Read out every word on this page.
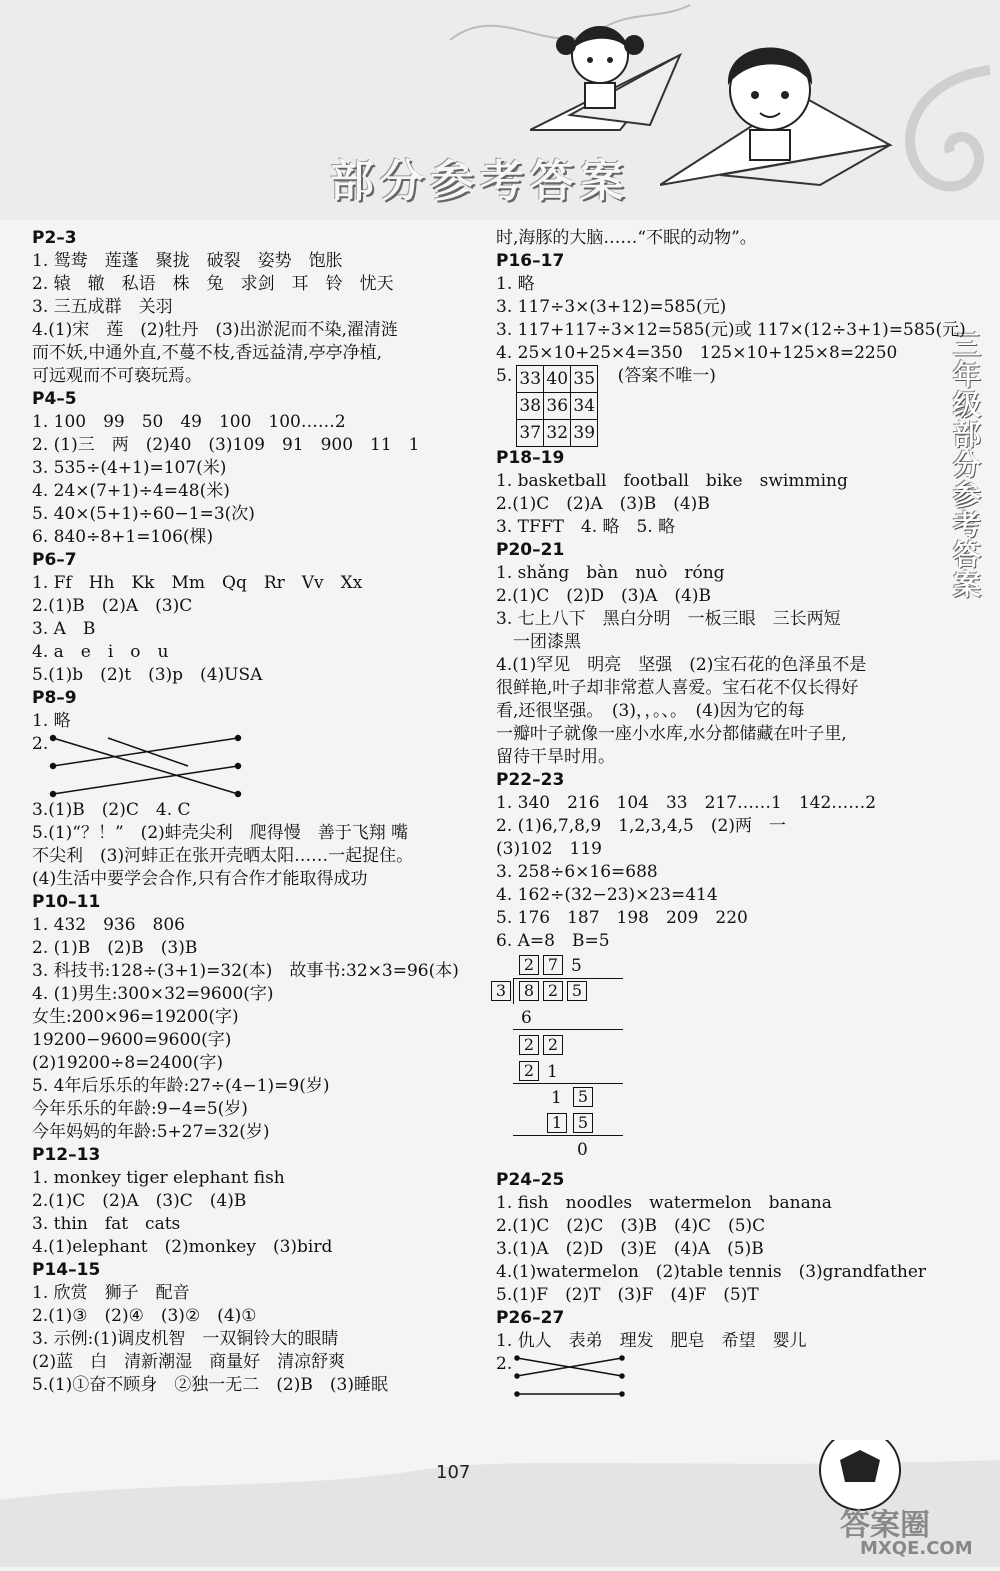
部分参考答案
三年级部分参考答案
P2–3
1. 鸳鸯　莲蓬　聚拢　破裂　姿势　饱胀
2. 辕　辙　私语　株　兔　求剑　耳　铃　忧天
3. 三五成群　关羽
4.(1)宋　莲　(2)牡丹　(3)出淤泥而不染,濯清涟
而不妖,中通外直,不蔓不枝,香远益清,亭亭净植,
可远观而不可亵玩焉。
P4–5
1. 100　99　50　49　100　100……2
2. (1)三　两　(2)40　(3)109　91　900　11　1
3. 535÷(4+1)=107(米)
4. 24×(7+1)÷4=48(米)
5. 40×(5+1)÷60−1=3(次)
6. 840÷8+1=106(棵)
P6–7
1. Ff　Hh　Kk　Mm　Qq　Rr　Vv　Xx
2.(1)B　(2)A　(3)C
3. A　B
4. a　e　i　o　u
5.(1)b　(2)t　(3)p　(4)USA
P8–9
1. 略
2.
3.(1)B　(2)C　4. C
5.(1)“？！”　(2)蚌壳尖利　爬得慢　善于飞翔 嘴
不尖利　(3)河蚌正在张开壳晒太阳……一起捉住。
(4)生活中要学会合作,只有合作才能取得成功
P10–11
1. 432　936　806
2. (1)B　(2)B　(3)B
3. 科技书:128÷(3+1)=32(本)　故事书:32×3=96(本)
4. (1)男生:300×32=9600(字)
女生:200×96=19200(字)
19200−9600=9600(字)
(2)19200÷8=2400(字)
5. 4年后乐乐的年龄:27÷(4−1)=9(岁)
今年乐乐的年龄:9−4=5(岁)
今年妈妈的年龄:5+27=32(岁)
P12–13
1. monkey tiger elephant fish
2.(1)C　(2)A　(3)C　(4)B
3. thin　fat　cats
4.(1)elephant　(2)monkey　(3)bird
P14–15
1. 欣赏　狮子　配音
2.(1)③　(2)④　(3)②　(4)①
3. 示例:(1)调皮机智　一双铜铃大的眼睛
(2)蓝　白　清新潮湿　商量好　清凉舒爽
5.(1)①奋不顾身　②独一无二　(2)B　(3)睡眠
时,海豚的大脑……“不眠的动物”。
P16–17
1. 略
3. 117÷3×(3+12)=585(元)
3. 117+117÷3×12=585(元)或 117×(12÷3+1)=585(元)
4. 25×10+25×4=350　125×10+125×8=2250
5. 33	40	35
38	36	34
37	32	39
(答案不唯一)
P18–19
1. basketball　football　bike　swimming
2.(1)C　(2)A　(3)B　(4)B
3. TFFT　4. 略　5. 略
P20–21
1. shǎng　bàn　nuò　róng
2.(1)C　(2)D　(3)A　(4)B
3. 七上八下　黑白分明　一板三眼　三长两短
　一团漆黑
4.(1)罕见　明亮　坚强　(2)宝石花的色泽虽不是
很鲜艳,叶子却非常惹人喜爱。宝石花不仅长得好
看,还很坚强。　(3)，，。、。　(4)因为它的每
一瓣叶子就像一座小水库,水分都储藏在叶子里,
留待干旱时用。
P22–23
1. 340　216　104　33　217……1　142……2
2. (1)6,7,8,9　1,2,3,4,5　(2)两　一
(3)102　119
3. 258÷6×16=688
4. 162÷(32−23)×23=414
5. 176　187　198　209　220
6. A=8　B=5
2 7 5
3	8 2 5
6
2 2
2 1
1	5
1 5
0
P24–25
1. fish　noodles　watermelon　banana
2.(1)C　(2)C　(3)B　(4)C　(5)C
3.(1)A　(2)D　(3)E　(4)A　(5)B
4.(1)watermelon　(2)table tennis　(3)grandfather
5.(1)F　(2)T　(3)F　(4)F　(5)T
P26–27
1. 仇人　表弟　理发　肥皂　希望　婴儿
2.
107
答案圈
MXQE.COM
